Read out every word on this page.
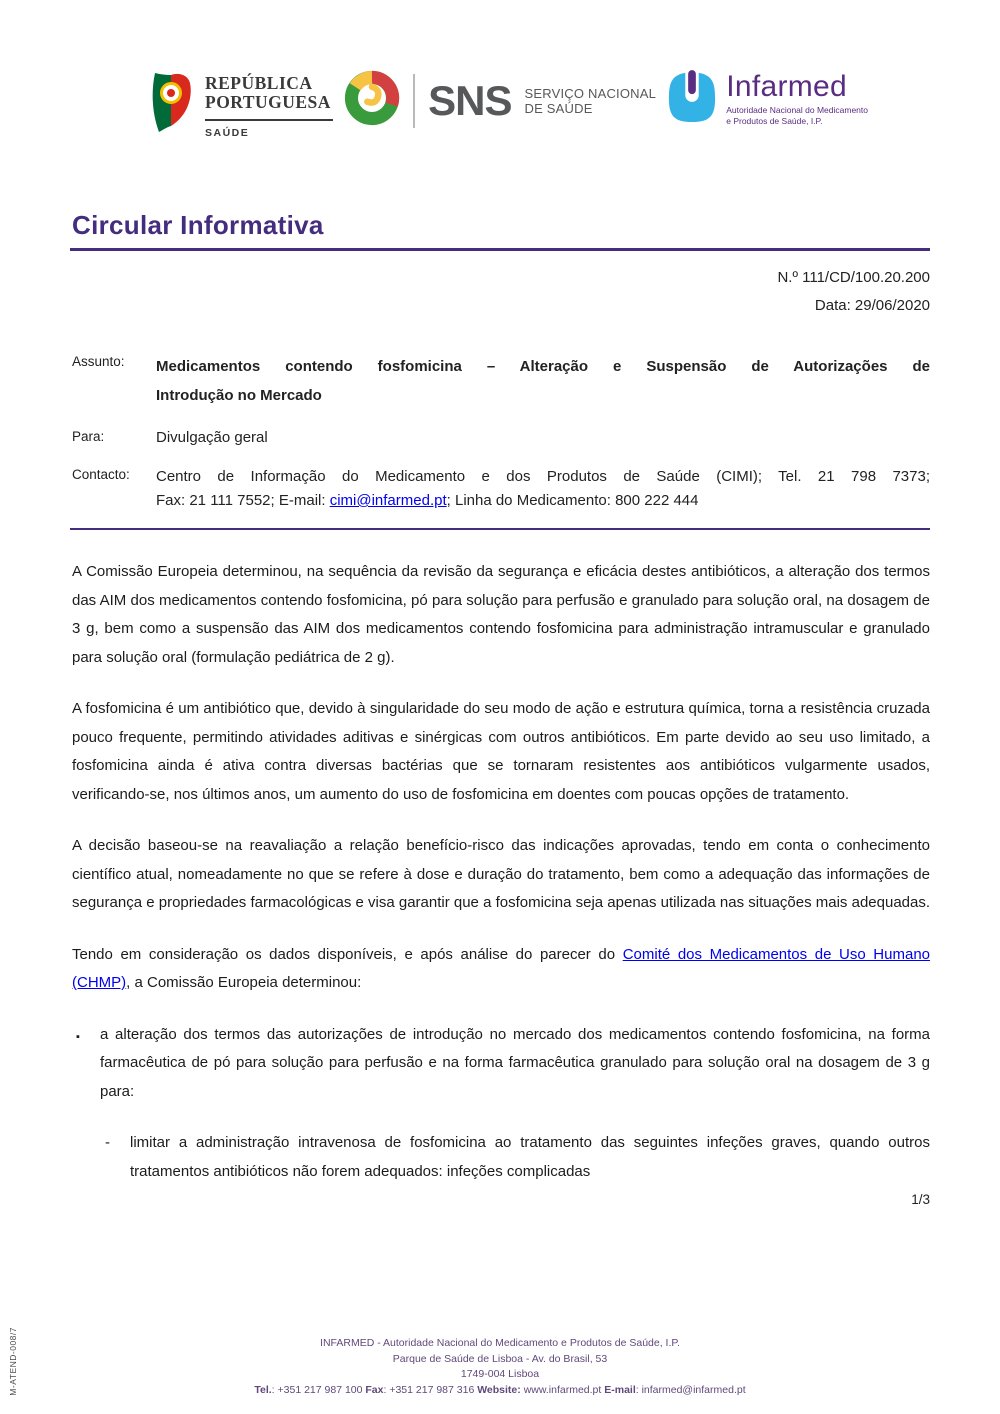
M-ATEND-008/7
REPÚBLICA
PORTUGUESA
SAÚDE
SNS SERVIÇO NACIONAL
DE SAÚDE
Infarmed
Autoridade Nacional do Medicamento
e Produtos de Saúde, I.P.
Circular Informativa
N.º 111/CD/100.20.200
Data: 29/06/2020
Assunto:	Medicamentos contendo fosfomicina – Alteração e Suspensão de Autorizações de
Introdução no Mercado
Para:	Divulgação geral
Contacto:	Centro de Informação do Medicamento e dos Produtos de Saúde (CIMI); Tel. 21 798 7373;
Fax: 21 111 7552; E-mail: cimi@infarmed.pt; Linha do Medicamento: 800 222 444

A Comissão Europeia determinou, na sequência da revisão da segurança e eficácia destes antibióticos, a alteração dos termos das AIM dos medicamentos contendo fosfomicina, pó para solução para perfusão e granulado para solução oral, na dosagem de 3 g, bem como a suspensão das AIM dos medicamentos contendo fosfomicina para administração intramuscular e granulado para solução oral (formulação pediátrica de 2 g).

A fosfomicina é um antibiótico que, devido à singularidade do seu modo de ação e estrutura química, torna a resistência cruzada pouco frequente, permitindo atividades aditivas e sinérgicas com outros antibióticos. Em parte devido ao seu uso limitado, a fosfomicina ainda é ativa contra diversas bactérias que se tornaram resistentes aos antibióticos vulgarmente usados, verificando-se, nos últimos anos, um aumento do uso de fosfomicina em doentes com poucas opções de tratamento.

A decisão baseou-se na reavaliação a relação benefício-risco das indicações aprovadas, tendo em conta o conhecimento científico atual, nomeadamente no que se refere à dose e duração do tratamento, bem como a adequação das informações de segurança e propriedades farmacológicas e visa garantir que a fosfomicina seja apenas utilizada nas situações mais adequadas.

Tendo em consideração os dados disponíveis, e após análise do parecer do Comité dos Medicamentos de Uso Humano (CHMP), a Comissão Europeia determinou:

▪	a alteração dos termos das autorizações de introdução no mercado dos medicamentos contendo fosfomicina, na forma farmacêutica de pó para solução para perfusão e na forma farmacêutica granulado para solução oral na dosagem de 3 g para:

-	limitar a administração intravenosa de fosfomicina ao tratamento das seguintes infeções graves, quando outros tratamentos antibióticos não forem adequados: infeções complicadas

1/3
INFARMED - Autoridade Nacional do Medicamento e Produtos de Saúde, I.P.
Parque de Saúde de Lisboa - Av. do Brasil, 53
1749-004 Lisboa
Tel.: +351 217 987 100 Fax: +351 217 987 316 Website: www.infarmed.pt E-mail: infarmed@infarmed.pt
